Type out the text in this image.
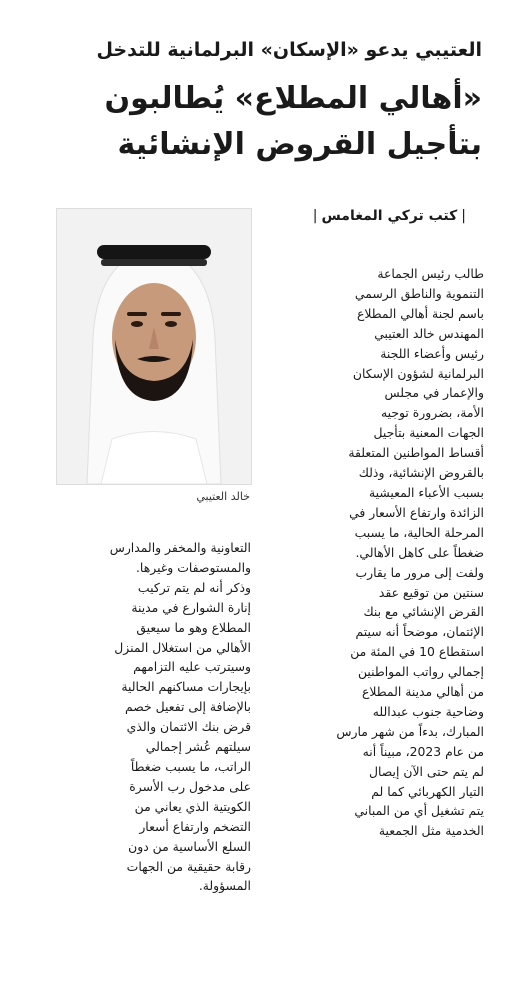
العتيبي يدعو «الإسكان» البرلمانية للتدخل
«أهالي المطلاع» يُطالبون
بتأجيل القروض الإنشائية
|كتب تركي المغامس|
خالد العتيبي
طالب رئيس الجماعة
التنموية والناطق الرسمي
باسم لجنة أهالي المطلاع
المهندس خالد العتيبي
رئيس وأعضاء اللجنة
البرلمانية لشؤون الإسكان
والإعمار في مجلس
الأمة، بضرورة توجيه
الجهات المعنية بتأجيل
أقساط المواطنين المتعلقة
بالقروض الإنشائية، وذلك
بسبب الأعباء المعيشية
الزائدة وارتفاع الأسعار في
المرحلة الحالية، ما يسبب
ضغطاً على كاهل الأهالي.
ولفت إلى مرور ما يقارب
سنتين من توقيع عقد
القرض الإنشائي مع بنك
الإئتمان، موضحاً أنه سيتم
استقطاع 10 في المئة من
إجمالي رواتب المواطنين
من أهالي مدينة المطلاع
وضاحية جنوب عبدالله
المبارك، بدءاً من شهر مارس
من عام 2023، مبيناً أنه
لم يتم حتى الآن إيصال
التيار الكهربائي كما لم
يتم تشغيل أي من المباني
الخدمية مثل الجمعية
التعاونية والمخفر والمدارس
والمستوصفات وغيرها.
وذكر أنه لم يتم تركيب
إنارة الشوارع في مدينة
المطلاع وهو ما سيعيق
الأهالي من استغلال المنزل
وسيترتب عليه التزامهم
بإيجارات مساكنهم الحالية
بالإضافة إلى تفعيل خصم
قرض بنك الائتمان والذي
سيلتهم عُشر إجمالي
الراتب، ما يسبب ضغطاً
على مدخول رب الأسرة
الكويتية الذي يعاني من
التضخم وارتفاع أسعار
السلع الأساسية من دون
رقابة حقيقية من الجهات
المسؤولة.
